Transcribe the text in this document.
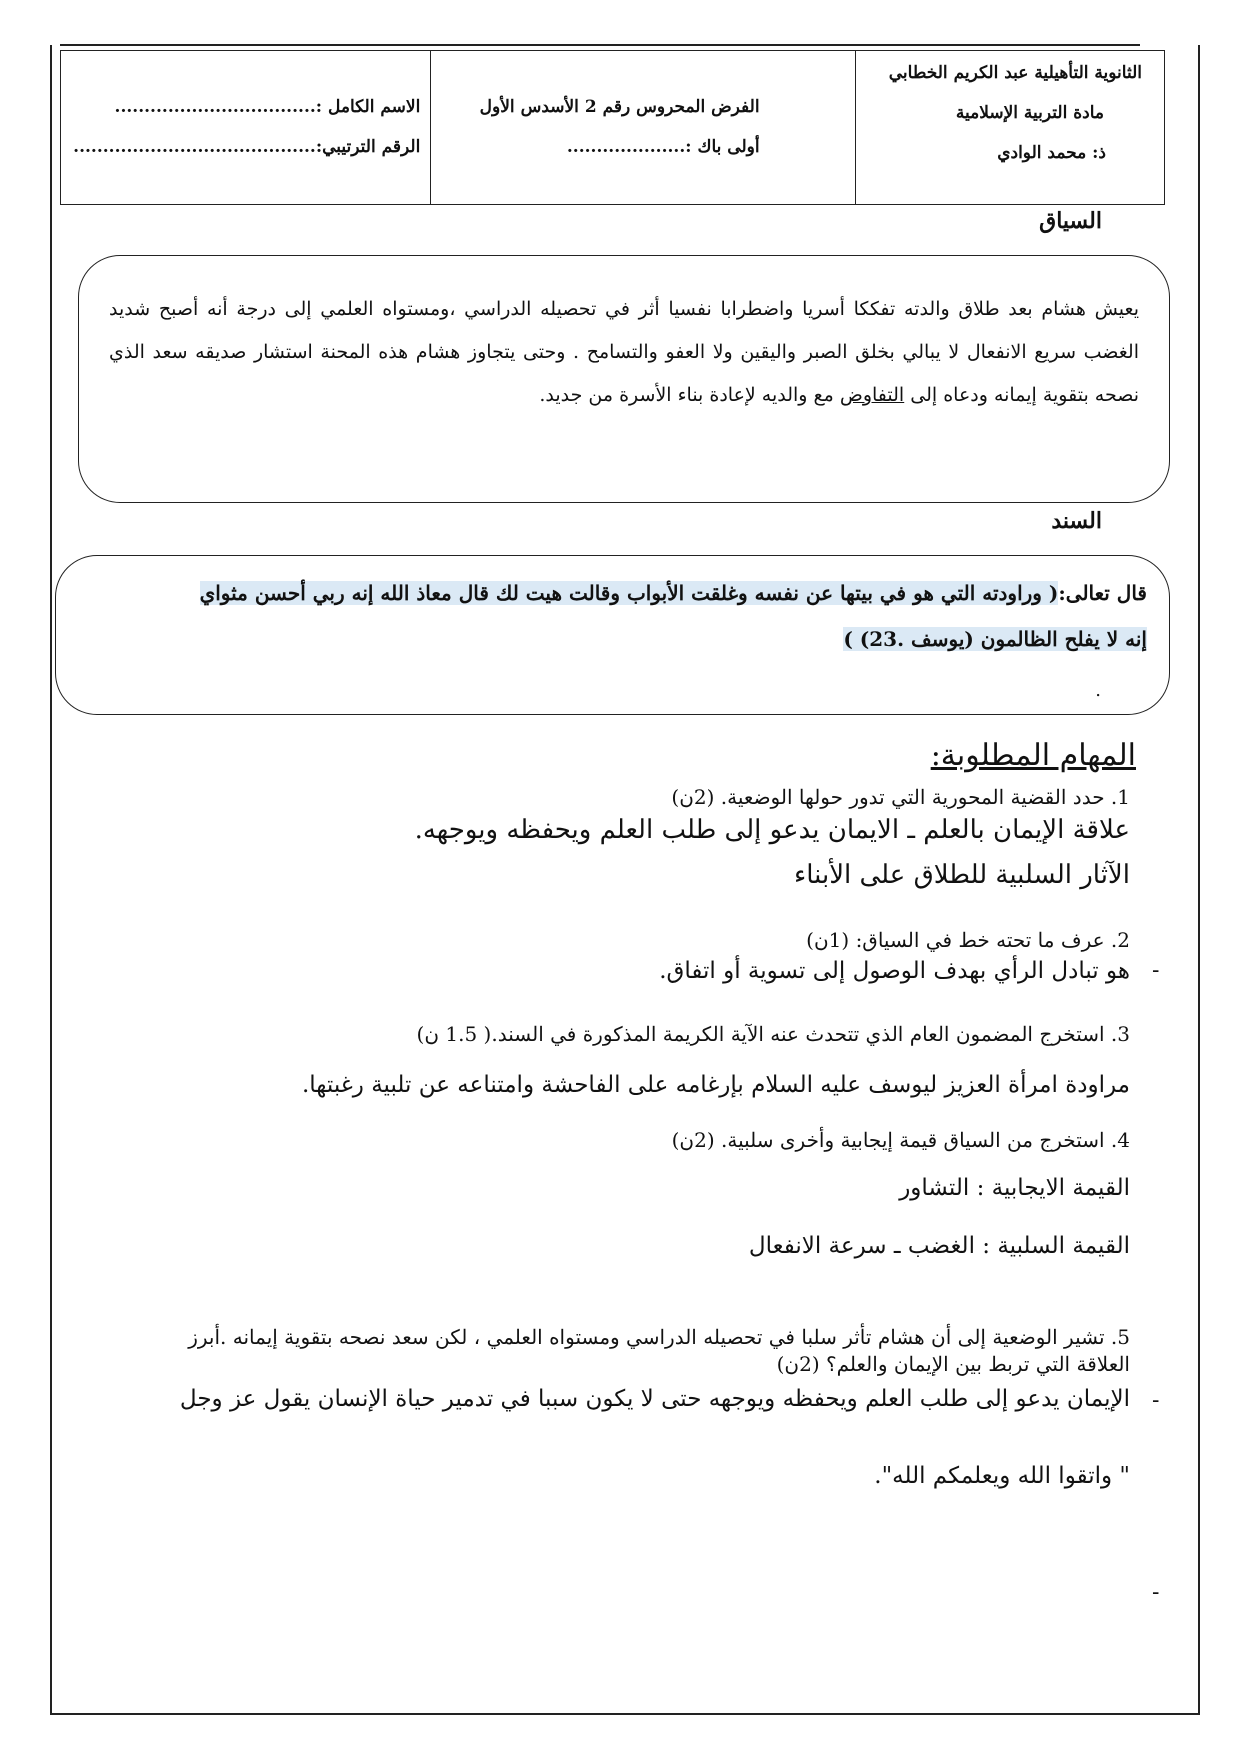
الثانوية التأهيلية عبد الكريم الخطابي
مادة التربية الإسلامية
ذ: محمد الوادي
الفرض المحروس رقم 2 الأسدس الأول
أولى باك :....................
الاسم الكامل :..................................
الرقم الترتيبي:.........................................
السياق
يعيش هشام بعد طلاق والدته تفككا أسريا واضطرابا نفسيا أثر في تحصيله الدراسي ،ومستواه العلمي إلى درجة أنه أصبح شديد الغضب سريع الانفعال لا يبالي بخلق الصبر واليقين ولا العفو والتسامح . وحتى يتجاوز هشام هذه المحنة استشار صديقه سعد الذي نصحه بتقوية إيمانه ودعاه إلى التفاوض مع والديه لإعادة بناء الأسرة من جديد.
السند
قال تعالى:( وراودته التي هو في بيتها عن نفسه وغلقت الأبواب وقالت هيت لك قال معاذ الله إنه ربي أحسن مثواي
إنه لا يفلح الظالمون (يوسف .23) )
.
المهام المطلوبة:
1. حدد القضية المحورية التي تدور حولها الوضعية. (2ن)
علاقة الإيمان بالعلم ـ الايمان يدعو إلى طلب العلم ويحفظه ويوجهه.
الآثار السلبية للطلاق على الأبناء
2. عرف ما تحته خط في السياق: (1ن)
-
هو تبادل الرأي بهدف الوصول إلى تسوية أو اتفاق.
3. استخرج المضمون العام الذي تتحدث عنه الآية الكريمة المذكورة في السند.( 1.5 ن)
مراودة امرأة العزيز ليوسف عليه السلام بإرغامه على الفاحشة وامتناعه عن تلبية رغبتها.
4. استخرج من السياق قيمة إيجابية وأخرى سلبية. (2ن)
القيمة الايجابية : التشاور
القيمة السلبية : الغضب ـ سرعة الانفعال
5. تشير الوضعية إلى أن هشام تأثر سلبا في تحصيله الدراسي ومستواه العلمي ، لكن سعد نصحه بتقوية إيمانه .أبرز
العلاقة التي تربط بين الإيمان والعلم؟ (2ن)
-
الإيمان يدعو إلى طلب العلم ويحفظه ويوجهه حتى لا يكون سببا في تدمير حياة الإنسان يقول عز وجل
" واتقوا الله ويعلمكم الله".
-
